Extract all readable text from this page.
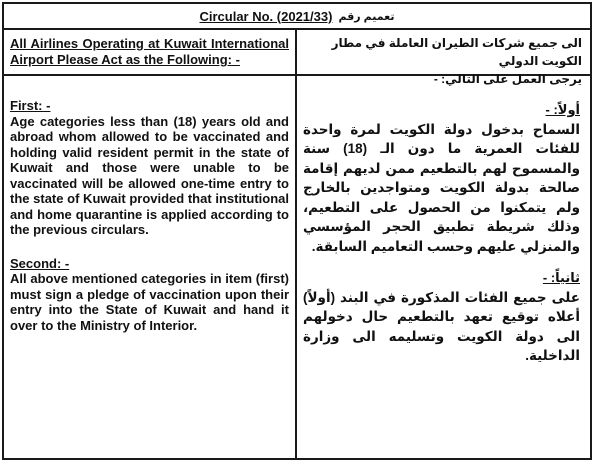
Circular No. (2021/33) تعميم رقم
All Airlines Operating at Kuwait International Airport Please Act as the Following: -
الى جميع شركات الطيران العاملة في مطار الكويت الدولي
يرجى العمل على التالي: -
First: -

Age categories less than (18) years old and abroad whom allowed to be vaccinated and holding valid resident permit in the state of Kuwait and those were unable to be vaccinated will be allowed one-time entry to the state of Kuwait provided that institutional and home quarantine is applied according to the previous circulars.

Second: -

All above mentioned categories in item (first) must sign a pledge of vaccination upon their entry into the State of Kuwait and hand it over to the Ministry of Interior.

أولاً: -

السماح بدخول دولة الكويت لمرة واحدة للفئات العمرية ما دون الـ (18) سنة والمسموح لهم بالتطعيم ممن لديهم إقامة صالحة بدولة الكويت ومتواجدين بالخارج ولم يتمكنوا من الحصول على التطعيم، وذلك شريطة تطبيق الحجر المؤسسي والمنزلي عليهم وحسب التعاميم السابقة.

ثانياً: -

على جميع الفئات المذكورة في البند (أولاً) أعلاه توقيع تعهد بالتطعيم حال دخولهم الى دولة الكويت وتسليمه الى وزارة الداخلية.
